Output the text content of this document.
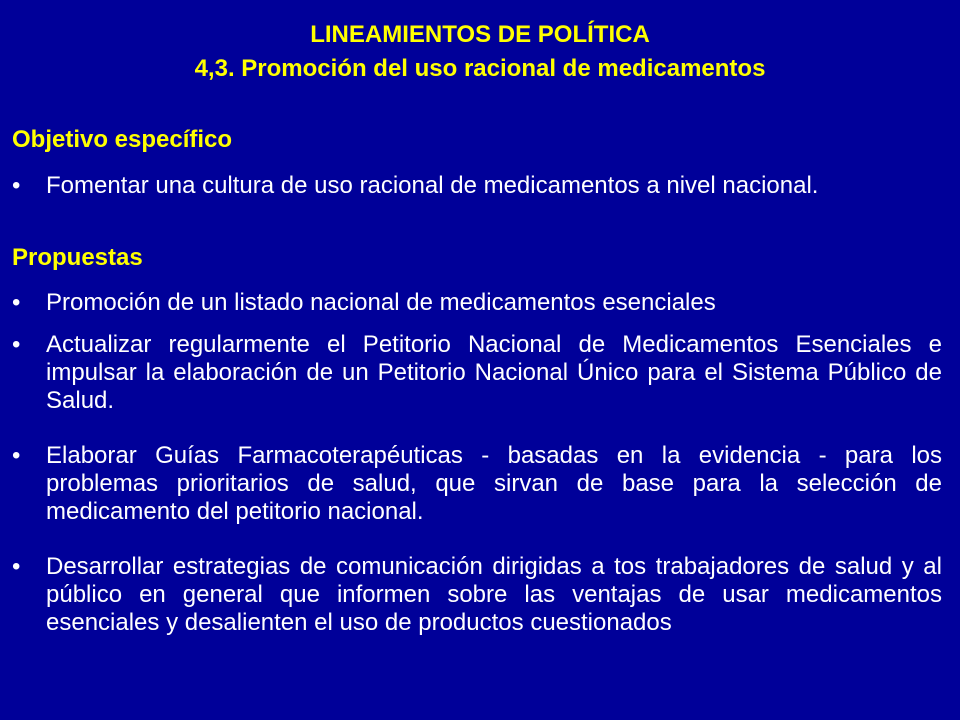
LINEAMIENTOS DE POLÍTICA
4,3. Promoción del uso racional de medicamentos
Objetivo específico
•	Fomentar una cultura de uso racional de medicamentos a nivel nacional.
Propuestas
•	Promoción de un listado nacional de medicamentos esenciales
•	Actualizar regularmente el Petitorio Nacional de Medicamentos Esenciales e impulsar la elaboración de un Petitorio Nacional Único para el Sistema Público de Salud.
•	Elaborar Guías Farmacoterapéuticas - basadas en la evidencia - para los problemas prioritarios de salud, que sirvan de base para la selección de medicamento del petitorio nacional.
•	Desarrollar estrategias de comunicación dirigidas a tos trabajadores de salud y al público en general que informen sobre las ventajas de usar medicamentos esenciales y desalienten el uso de productos cuestionados
